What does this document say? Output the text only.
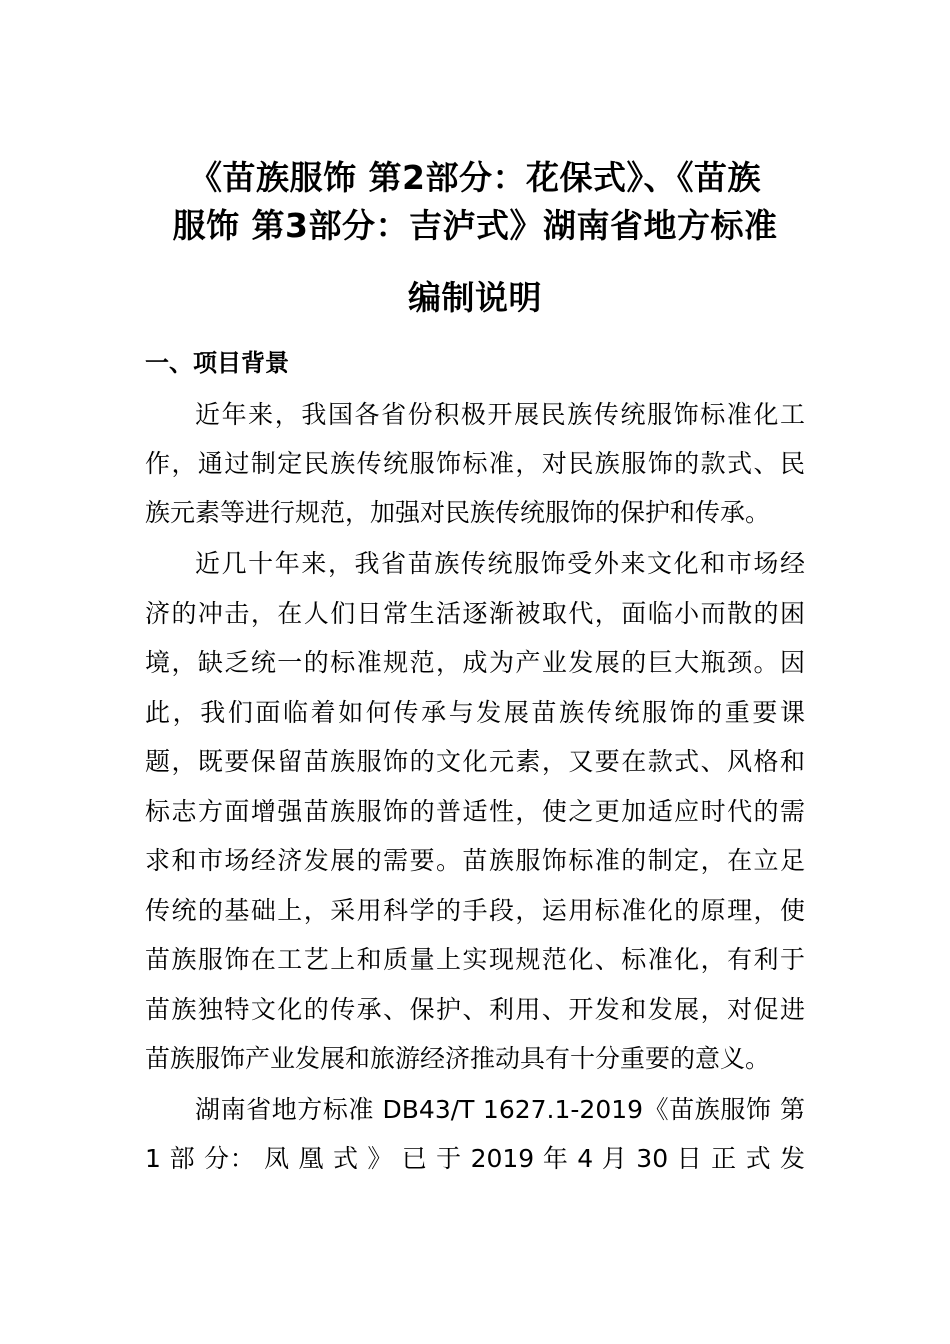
《苗族服饰 第2部分：花保式》、《苗族
服饰 第3部分：吉泸式》湖南省地方标准
编制说明
一、项目背景
近年来，我国各省份积极开展民族传统服饰标准化工
作，通过制定民族传统服饰标准，对民族服饰的款式、民
族元素等进行规范，加强对民族传统服饰的保护和传承。
近几十年来，我省苗族传统服饰受外来文化和市场经
济的冲击，在人们日常生活逐渐被取代，面临小而散的困
境，缺乏统一的标准规范，成为产业发展的巨大瓶颈。因
此，我们面临着如何传承与发展苗族传统服饰的重要课
题，既要保留苗族服饰的文化元素，又要在款式、风格和
标志方面增强苗族服饰的普适性，使之更加适应时代的需
求和市场经济发展的需要。苗族服饰标准的制定，在立足
传统的基础上，采用科学的手段，运用标准化的原理，使
苗族服饰在工艺上和质量上实现规范化、标准化，有利于
苗族独特文化的传承、保护、利用、开发和发展，对促进
苗族服饰产业发展和旅游经济推动具有十分重要的意义。
湖南省地方标准 DB43/T 1627.1-2019《苗族服饰 第
1 部 分： 凤 凰 式 》 已 于 2019 年 4 月 30 日 正 式 发
